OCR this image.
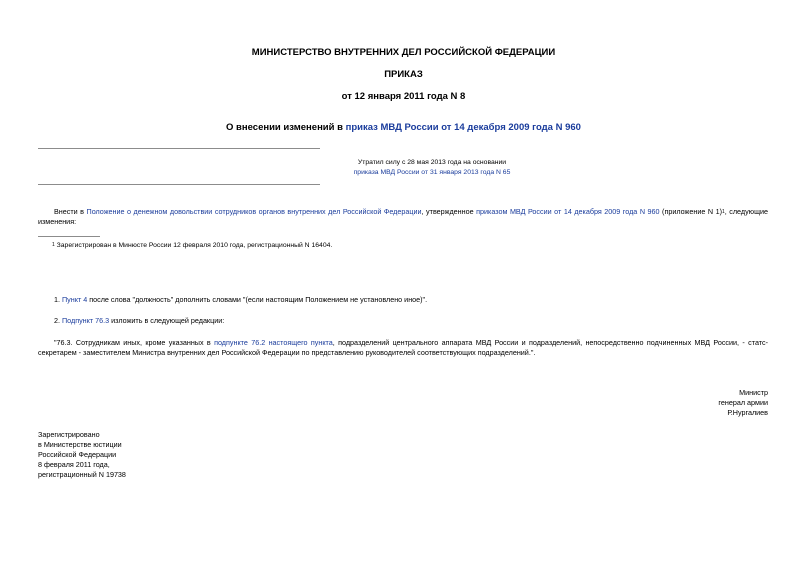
МИНИСТЕРСТВО ВНУТРЕННИХ ДЕЛ РОССИЙСКОЙ ФЕДЕРАЦИИ
ПРИКАЗ
от 12 января 2011 года N 8
О внесении изменений в приказ МВД России от 14 декабря 2009 года N 960
Утратил силу с 28 мая 2013 года на основании
приказа МВД России от 31 января 2013 года N 65
Внести в Положение о денежном довольствии сотрудников органов внутренних дел Российской Федерации, утвержденное приказом МВД России от 14 декабря 2009 года N 960 (приложение N 1)$^1$, следующие изменения:
$^1$ Зарегистрирован в Минюсте России 12 февраля 2010 года, регистрационный N 16404.
1. Пункт 4 после слова "должность" дополнить словами "(если настоящим Положением не установлено иное)".
2. Подпункт 76.3 изложить в следующей редакции:
"76.3. Сотрудникам иных, кроме указанных в подпункте 76.2 настоящего пункта, подразделений центрального аппарата МВД России и подразделений, непосредственно подчиненных МВД России, - статс-секретарем - заместителем Министра внутренних дел Российской Федерации по представлению руководителей соответствующих подразделений.".
Министр
генерал армии
Р.Нургалиев
Зарегистрировано
в Министерстве юстиции
Российской Федерации
8 февраля 2011 года,
регистрационный N 19738
